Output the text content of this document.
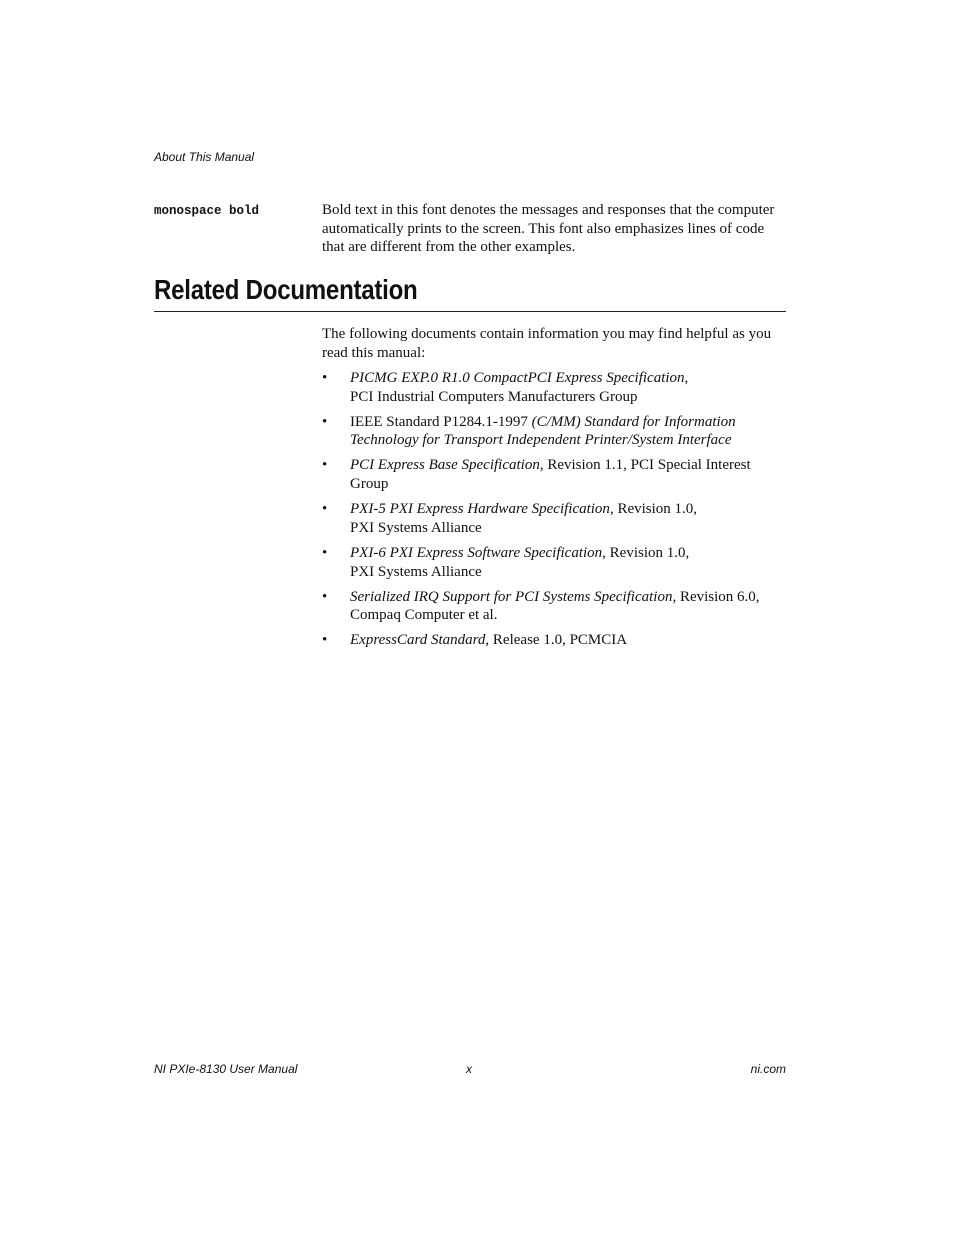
About This Manual
monospace bold	Bold text in this font denotes the messages and responses that the computer automatically prints to the screen. This font also emphasizes lines of code that are different from the other examples.
Related Documentation
The following documents contain information you may find helpful as you read this manual:
• PICMG EXP.0 R1.0 CompactPCI Express Specification,
PCI Industrial Computers Manufacturers Group
• IEEE Standard P1284.1-1997 (C/MM) Standard for Information
Technology for Transport Independent Printer/System Interface
• PCI Express Base Specification, Revision 1.1, PCI Special Interest
Group
• PXI-5 PXI Express Hardware Specification, Revision 1.0,
PXI Systems Alliance
• PXI-6 PXI Express Software Specification, Revision 1.0,
PXI Systems Alliance
• Serialized IRQ Support for PCI Systems Specification, Revision 6.0,
Compaq Computer et al.
• ExpressCard Standard, Release 1.0, PCMCIA
NI PXIe-8130 User Manual	x	ni.com
